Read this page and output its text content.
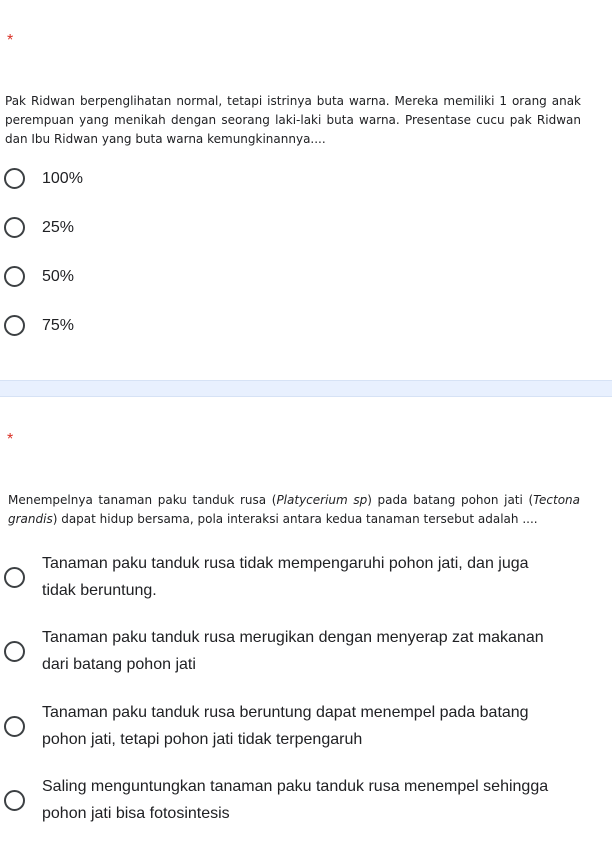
*
Pak Ridwan berpenglihatan normal, tetapi istrinya buta warna. Mereka memiliki 1 orang anak perempuan yang menikah dengan seorang laki-laki buta warna. Presentase cucu pak Ridwan dan Ibu Ridwan yang buta warna kemungkinannya....
100%
25%
50%
75%
*
Menempelnya tanaman paku tanduk rusa (Platycerium sp) pada batang pohon jati (Tectona grandis) dapat hidup bersama, pola interaksi antara kedua tanaman tersebut adalah ....
Tanaman paku tanduk rusa tidak mempengaruhi pohon jati, dan juga tidak beruntung.
Tanaman paku tanduk rusa merugikan dengan menyerap zat makanan dari batang pohon jati
Tanaman paku tanduk rusa beruntung dapat menempel pada batang pohon jati, tetapi pohon jati tidak terpengaruh
Saling menguntungkan tanaman paku tanduk rusa menempel sehingga pohon jati bisa fotosintesis
